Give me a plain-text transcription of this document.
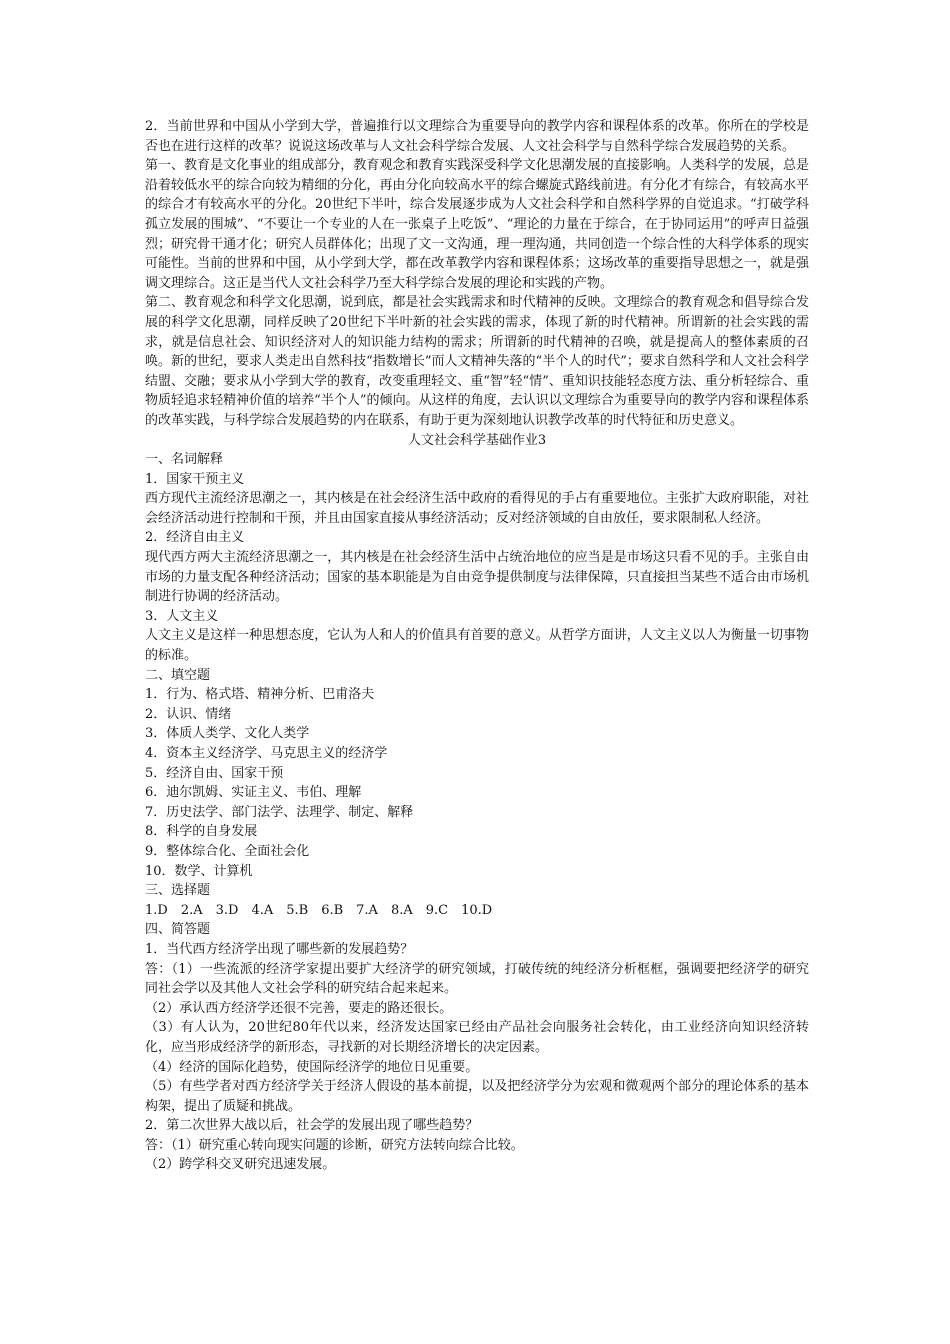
2．当前世界和中国从小学到大学，普遍推行以文理综合为重要导向的教学内容和课程体系的改革。你所在的学校是否也在进行这样的改革？说说这场改革与人文社会科学综合发展、人文社会科学与自然科学综合发展趋势的关系。

第一、教育是文化事业的组成部分，教育观念和教育实践深受科学文化思潮发展的直接影响。人类科学的发展，总是沿着较低水平的综合向较为精细的分化，再由分化向较高水平的综合螺旋式路线前进。有分化才有综合，有较高水平的综合才有较高水平的分化。20世纪下半叶，综合发展逐步成为人文社会科学和自然科学界的自觉追求。“打破学科孤立发展的围城”、“不要让一个专业的人在一张桌子上吃饭”、“理论的力量在于综合，在于协同运用”的呼声日益强烈；研究骨干通才化；研究人员群体化；出现了文一文沟通，理一理沟通，共同创造一个综合性的大科学体系的现实可能性。当前的世界和中国，从小学到大学，都在改革教学内容和课程体系；这场改革的重要指导思想之一，就是强调文理综合。这正是当代人文社会科学乃至大科学综合发展的理论和实践的产物。

第二、教育观念和科学文化思潮，说到底，都是社会实践需求和时代精神的反映。文理综合的教育观念和倡导综合发展的科学文化思潮，同样反映了20世纪下半叶新的社会实践的需求，体现了新的时代精神。所谓新的社会实践的需求，就是信息社会、知识经济对人的知识能力结构的需求；所谓新的时代精神的召唤，就是提高人的整体素质的召唤。新的世纪，要求人类走出自然科技“指数增长”而人文精神失落的“半个人的时代”；要求自然科学和人文社会科学结盟、交融；要求从小学到大学的教育，改变重理轻文、重“智”轻“情”、重知识技能轻态度方法、重分析轻综合、重物质轻追求轻精神价值的培养“半个人”的倾向。从这样的角度，去认识以文理综合为重要导向的教学内容和课程体系的改革实践，与科学综合发展趋势的内在联系，有助于更为深刻地认识教学改革的时代特征和历史意义。

人文社会科学基础作业3

一、名词解释

1．国家干预主义

西方现代主流经济思潮之一，其内核是在社会经济生活中政府的看得见的手占有重要地位。主张扩大政府职能，对社会经济活动进行控制和干预，并且由国家直接从事经济活动；反对经济领域的自由放任，要求限制私人经济。

2．经济自由主义

现代西方两大主流经济思潮之一，其内核是在社会经济生活中占统治地位的应当是是市场这只看不见的手。主张自由市场的力量支配各种经济活动；国家的基本职能是为自由竞争提供制度与法律保障，只直接担当某些不适合由市场机制进行协调的经济活动。

3．人文主义

人文主义是这样一种思想态度，它认为人和人的价值具有首要的意义。从哲学方面讲，人文主义以人为衡量一切事物的标准。

二、填空题

1．行为、格式塔、精神分析、巴甫洛夫

2．认识、情绪

3．体质人类学、文化人类学

4．资本主义经济学、马克思主义的经济学

5．经济自由、国家干预

6．迪尔凯姆、实证主义、韦伯、理解

7．历史法学、部门法学、法理学、制定、解释

8．科学的自身发展

9．整体综合化、全面社会化

10．数学、计算机

三、选择题

1.D　2.A　3.D　4.A　5.B　6.B　7.A　8.A　9.C　10.D

四、简答题

1．当代西方经济学出现了哪些新的发展趋势？

答：（1）一些流派的经济学家提出要扩大经济学的研究领域，打破传统的纯经济分析框框，强调要把经济学的研究同社会学以及其他人文社会学科的研究结合起来起来。

（2）承认西方经济学还很不完善，要走的路还很长。

（3）有人认为，20世纪80年代以来，经济发达国家已经由产品社会向服务社会转化，由工业经济向知识经济转化，应当形成经济学的新形态，寻找新的对长期经济增长的决定因素。

（4）经济的国际化趋势，使国际经济学的地位日见重要。

（5）有些学者对西方经济学关于经济人假设的基本前提，以及把经济学分为宏观和微观两个部分的理论体系的基本构架，提出了质疑和挑战。

2．第二次世界大战以后，社会学的发展出现了哪些趋势？

答：（1）研究重心转向现实问题的诊断，研究方法转向综合比较。

（2）跨学科交叉研究迅速发展。
